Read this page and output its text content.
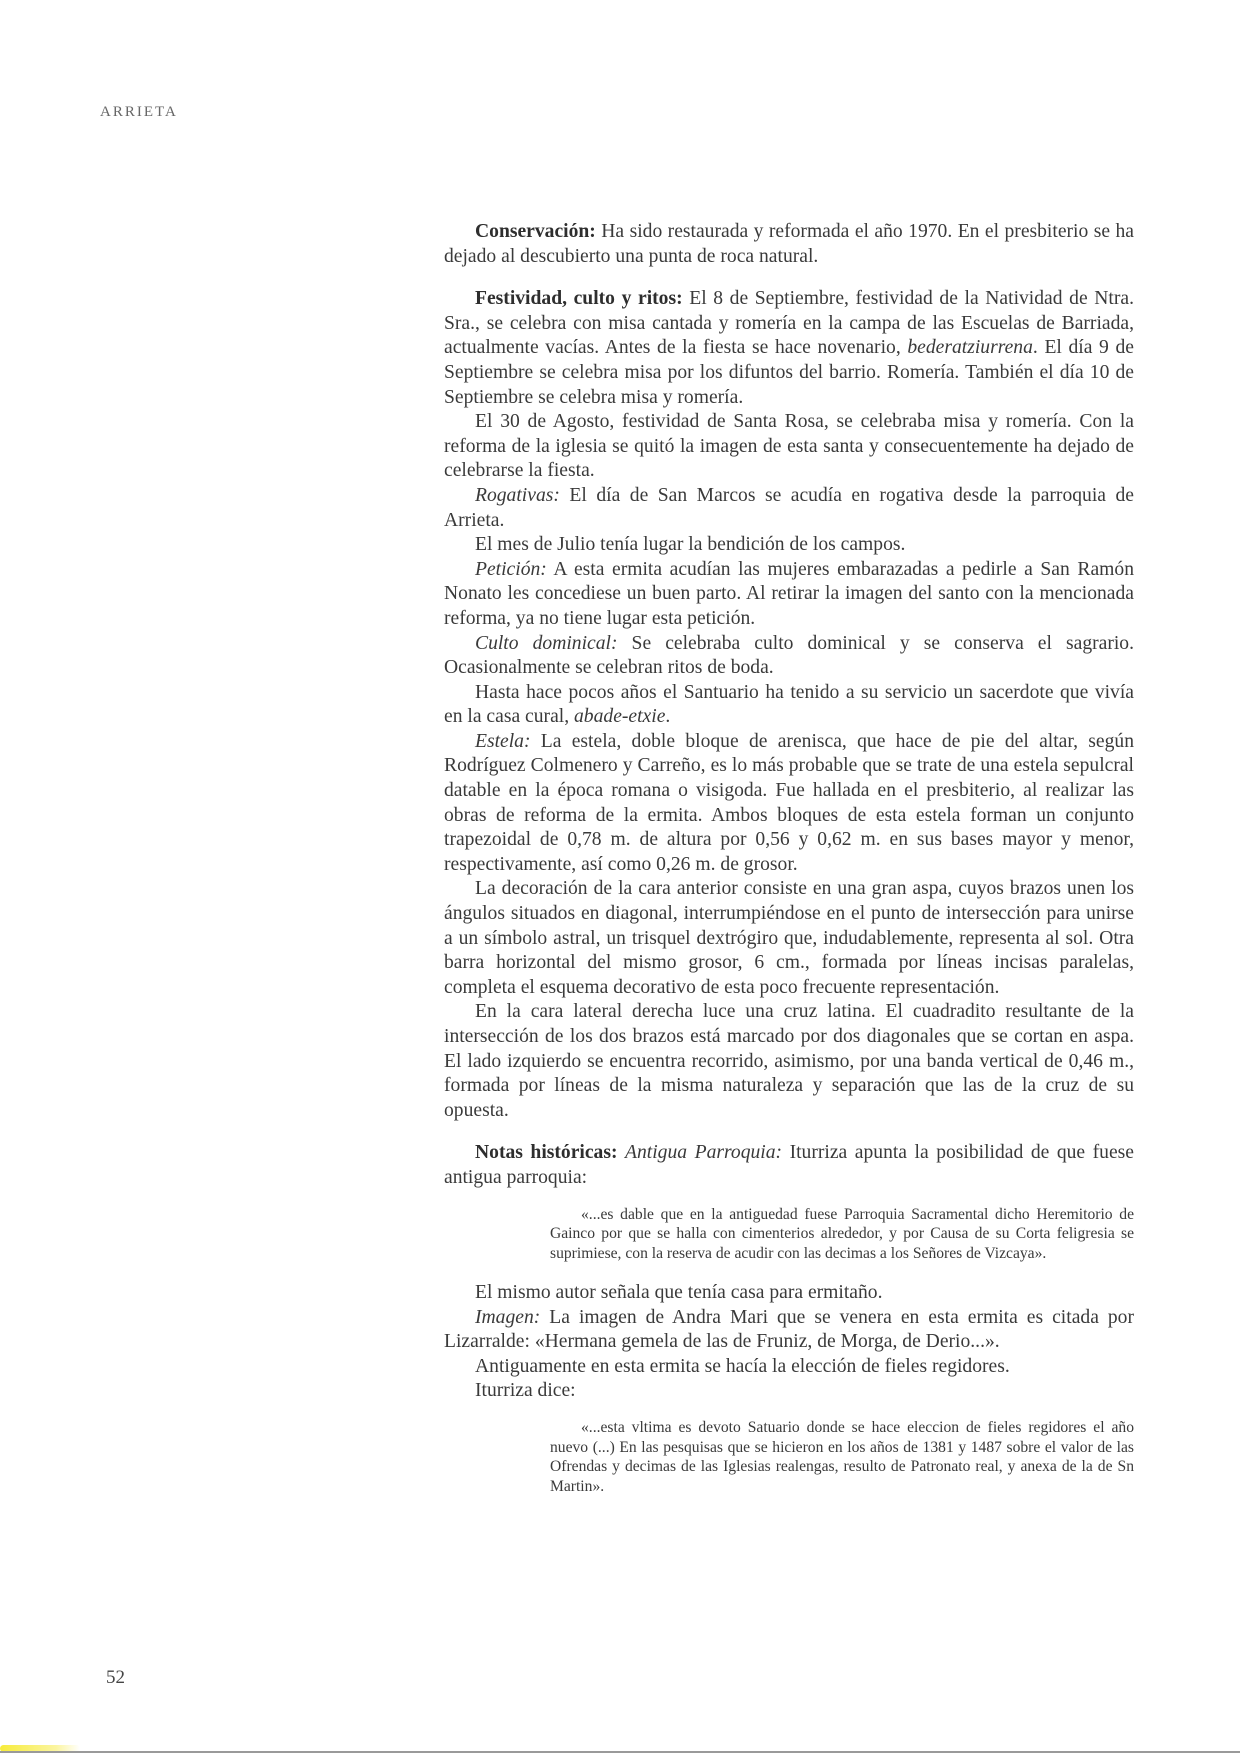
ARRIETA

Conservación: Ha sido restaurada y reformada el año 1970. En el presbiterio se ha dejado al descubierto una punta de roca natural.

Festividad, culto y ritos: El 8 de Septiembre, festividad de la Natividad de Ntra. Sra., se celebra con misa cantada y romería en la campa de las Escuelas de Barriada, actualmente vacías. Antes de la fiesta se hace novenario, bederatziurrena. El día 9 de Septiembre se celebra misa por los difuntos del barrio. Romería. También el día 10 de Septiembre se celebra misa y romería.

El 30 de Agosto, festividad de Santa Rosa, se celebraba misa y romería. Con la reforma de la iglesia se quitó la imagen de esta santa y consecuentemente ha dejado de celebrarse la fiesta.

Rogativas: El día de San Marcos se acudía en rogativa desde la parroquia de Arrieta.

El mes de Julio tenía lugar la bendición de los campos.

Petición: A esta ermita acudían las mujeres embarazadas a pedirle a San Ramón Nonato les concediese un buen parto. Al retirar la imagen del santo con la mencionada reforma, ya no tiene lugar esta petición.

Culto dominical: Se celebraba culto dominical y se conserva el sagrario. Ocasionalmente se celebran ritos de boda.

Hasta hace pocos años el Santuario ha tenido a su servicio un sacerdote que vivía en la casa cural, abade-etxie.

Estela: La estela, doble bloque de arenisca, que hace de pie del altar, según Rodríguez Colmenero y Carreño, es lo más probable que se trate de una estela sepulcral datable en la época romana o visigoda. Fue hallada en el presbiterio, al realizar las obras de reforma de la ermita. Ambos bloques de esta estela forman un conjunto trapezoidal de 0,78 m. de altura por 0,56 y 0,62 m. en sus bases mayor y menor, respectivamente, así como 0,26 m. de grosor.

La decoración de la cara anterior consiste en una gran aspa, cuyos brazos unen los ángulos situados en diagonal, interrumpiéndose en el punto de intersección para unirse a un símbolo astral, un trisquel dextrógiro que, indudablemente, representa al sol. Otra barra horizontal del mismo grosor, 6 cm., formada por líneas incisas paralelas, completa el esquema decorativo de esta poco frecuente representación.

En la cara lateral derecha luce una cruz latina. El cuadradito resultante de la intersección de los dos brazos está marcado por dos diagonales que se cortan en aspa. El lado izquierdo se encuentra recorrido, asimismo, por una banda vertical de 0,46 m., formada por líneas de la misma naturaleza y separación que las de la cruz de su opuesta.

Notas históricas: Antigua Parroquia: Iturriza apunta la posibilidad de que fuese antigua parroquia:

«...es dable que en la antiguedad fuese Parroquia Sacramental dicho Heremitorio de Gainco por que se halla con cimenterios alrededor, y por Causa de su Corta feligresia se suprimiese, con la reserva de acudir con las decimas a los Señores de Vizcaya».

El mismo autor señala que tenía casa para ermitaño.

Imagen: La imagen de Andra Mari que se venera en esta ermita es citada por Lizarralde: «Hermana gemela de las de Fruniz, de Morga, de Derio...».

Antiguamente en esta ermita se hacía la elección de fieles regidores.

Iturriza dice:

«...esta vltima es devoto Satuario donde se hace eleccion de fieles regidores el año nuevo (...) En las pesquisas que se hicieron en los años de 1381 y 1487 sobre el valor de las Ofrendas y decimas de las Iglesias realengas, resulto de Patronato real, y anexa de la de Sn Martin».

52
